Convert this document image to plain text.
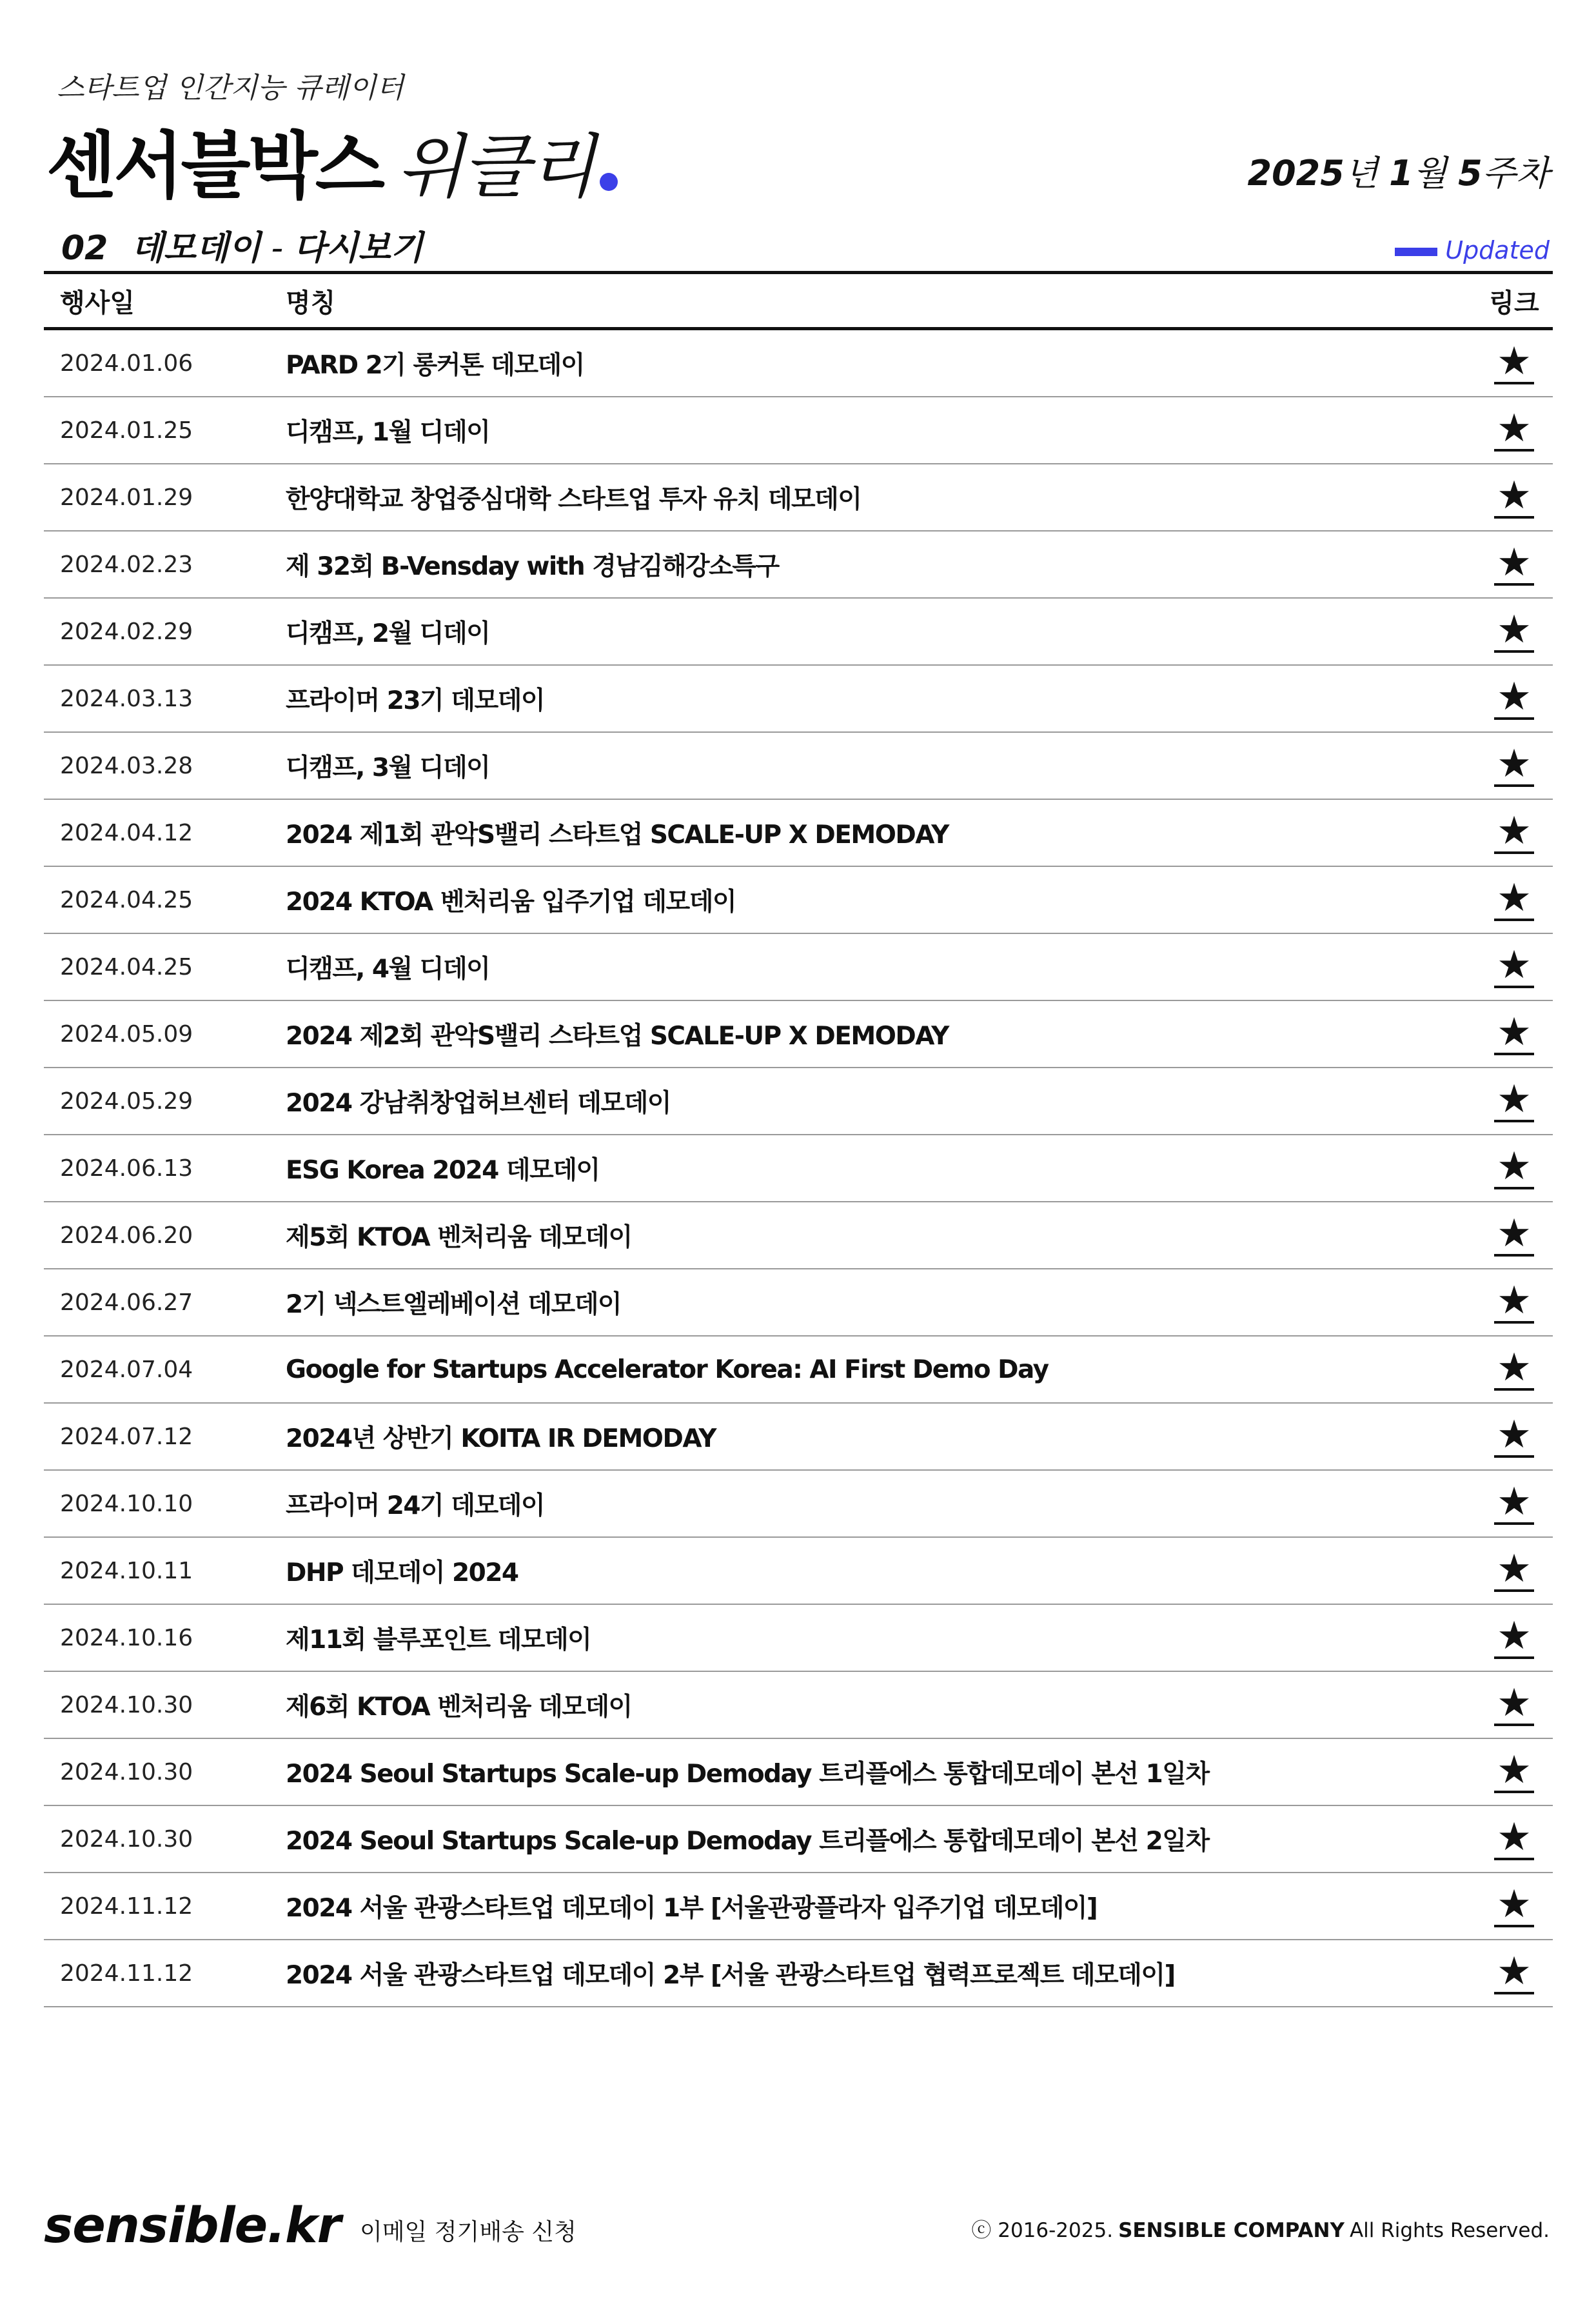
스타트업 인간지능 큐레이터
센서블박스 위클리	2025년 1월 5주차
02 데모데이 - 다시보기	Updated
행사일	명칭	링크
2024.01.06	PARD 2기 롱커톤 데모데이	★
2024.01.25	디캠프, 1월 디데이	★
2024.01.29	한양대학교 창업중심대학 스타트업 투자 유치 데모데이	★
2024.02.23	제 32회 B-Vensday with 경남김해강소특구	★
2024.02.29	디캠프, 2월 디데이	★
2024.03.13	프라이머 23기 데모데이	★
2024.03.28	디캠프, 3월 디데이	★
2024.04.12	2024 제1회 관악S밸리 스타트업 SCALE-UP X DEMODAY	★
2024.04.25	2024 KTOA 벤처리움 입주기업 데모데이	★
2024.04.25	디캠프, 4월 디데이	★
2024.05.09	2024 제2회 관악S밸리 스타트업 SCALE-UP X DEMODAY	★
2024.05.29	2024 강남취창업허브센터 데모데이	★
2024.06.13	ESG Korea 2024 데모데이	★
2024.06.20	제5회 KTOA 벤처리움 데모데이	★
2024.06.27	2기 넥스트엘레베이션 데모데이	★
2024.07.04	Google for Startups Accelerator Korea: AI First Demo Day	★
2024.07.12	2024년 상반기 KOITA IR DEMODAY	★
2024.10.10	프라이머 24기 데모데이	★
2024.10.11	DHP 데모데이 2024	★
2024.10.16	제11회 블루포인트 데모데이	★
2024.10.30	제6회 KTOA 벤처리움 데모데이	★
2024.10.30	2024 Seoul Startups Scale-up Demoday 트리플에스 통합데모데이 본선 1일차	★
2024.10.30	2024 Seoul Startups Scale-up Demoday 트리플에스 통합데모데이 본선 2일차	★
2024.11.12	2024 서울 관광스타트업 데모데이 1부 [서울관광플라자 입주기업 데모데이]	★
2024.11.12	2024 서울 관광스타트업 데모데이 2부 [서울 관광스타트업 협력프로젝트 데모데이]	★
sensible.kr 이메일 정기배송 신청	ⓒ 2016-2025. SENSIBLE COMPANY All Rights Reserved.
